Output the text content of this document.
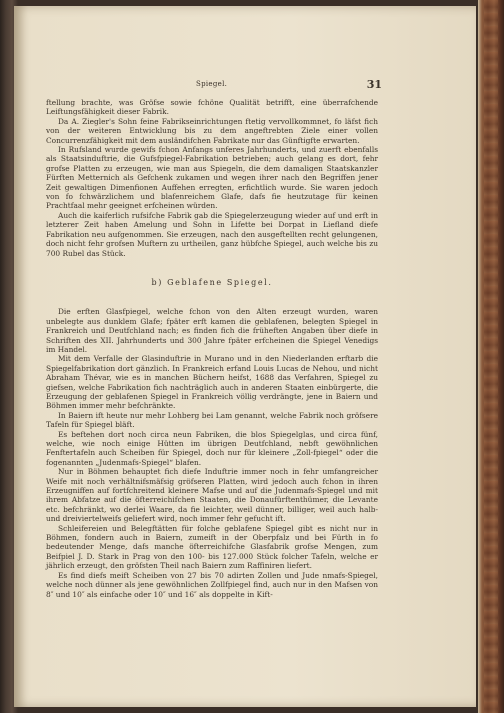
Spiegel.	31

ftellung brachte, was Gröfse sowie fchöne Qualität betrifft, eine überrafchende Leiftungsfähigkeit dieser Fabrik.

Da A. Ziegler's Sohn feine Fabrikseinrichtungen ftetig vervollkommnet, fo läfst fich von der weiteren Entwicklung bis zu dem angeftrebten Ziele einer vollen Concurrenzfähigkeit mit dem ausländifchen Fabrikate nur das Günftigfte erwarten.

In Rufsland wurde gewifs fchon Anfangs unferes Jahrhunderts, und zuerft ebenfalls als Staatsinduftrie, die Gufsfpiegel-Fabrikation betrieben; auch gelang es dort, fehr grofse Platten zu erzeugen, wie man aus Spiegeln, die dem damaligen Staatskanzler Fürften Metternich als Gefchenk zukamen und wegen ihrer nach den Begriffen jener Zeit gewaltigen Dimenfionen Auffehen erregten, erfichtlich wurde. Sie waren jedoch von fo fchwärzlichem und blafenreichem Glafe, dafs fie heutzutage für keinen Prachtfaal mehr geeignet erfcheinen würden.

Auch die kaiferlich rufsifche Fabrik gab die Spiegelerzeugung wieder auf und erft in letzterer Zeit haben Amelung und Sohn in Lifette bei Dorpat in Liefland diefe Fabrikation neu aufgenommen. Sie erzeugen, nach den ausgeftellten recht gelungenen, doch nicht fehr grofsen Muftern zu urtheilen, ganz hübfche Spiegel, auch welche bis zu 700 Rubel das Stück.

b) Geblafene Spiegel.

Die erften Glasfpiegel, welche fchon von den Alten erzeugt wurden, waren unbelegte aus dunklem Glafe; fpäter erft kamen die geblafenen, belegten Spiegel in Frankreich und Deutfchland nach; es finden fich die früheften Angaben über diefe in Schriften des XII. Jahrhunderts und 300 Jahre fpäter erfcheinen die Spiegel Venedigs im Handel.

Mit dem Verfalle der Glasinduftrie in Murano und in den Niederlanden erftarb die Spiegelfabrikation dort gänzlich. In Frankreich erfand Louis Lucas de Nehou, und nicht Abraham Thévar, wie es in manchen Büchern heifst, 1688 das Verfahren, Spiegel zu giefsen, welche Fabrikation fich nachträglich auch in anderen Staaten einbürgerte, die Erzeugung der geblafenen Spiegel in Frankreich völlig verdrängte, jene in Baiern und Böhmen immer mehr befchränkte.

In Baiern ift heute nur mehr Lohberg bei Lam genannt, welche Fabrik noch gröfsere Tafeln für Spiegel bläft.

Es beftehen dort noch circa neun Fabriken, die blos Spiegelglas, und circa fünf, welche, wie noch einige Hütten im übrigen Deutfchland, nebft gewöhnlichen Fenftertafeln auch Scheiben für Spiegel, doch nur für kleinere „Zoll-fpiegel“ oder die fogenannten „Judenmafs-Spiegel“ blafen.

Nur in Böhmen behauptet fich diefe Induftrie immer noch in fehr umfangreicher Weife mit noch verhältnifsmäfsig gröfseren Platten, wird jedoch auch fchon in ihren Erzeugniffen auf fortfchreitend kleinere Mafse und auf die Judenmafs-Spiegel und mit ihrem Abfatze auf die öfterreichifchen Staaten, die Donaufürftenthümer, die Levante etc. befchränkt, wo derlei Waare, da fie leichter, weil dünner, billiger, weil auch halb- und dreiviertelweifs geliefert wird, noch immer fehr gefucht ift.

Schleifereien und Belegftätten für folche geblafene Spiegel gibt es nicht nur in Böhmen, fondern auch in Baiern, zumeift in der Oberpfalz und bei Fürth in fo bedeutender Menge, dafs manche öfterreichifche Glasfabrik grofse Mengen, zum Beifpiel J. D. Stark in Prag von den 100- bis 127.000 Stück folcher Tafeln, welche er jährlich erzeugt, den gröfsten Theil nach Baiern zum Raffiniren liefert.

Es find diefs meift Scheiben von 27 bis 70 adirten Zollen und Jude nmafs-Spiegel, welche noch dünner als jene gewöhnlichen Zollfpiegel find, auch nur in den Mafsen von 8″ und 10″ als einfache oder 10″ und 16″ als doppelte in Kift-
